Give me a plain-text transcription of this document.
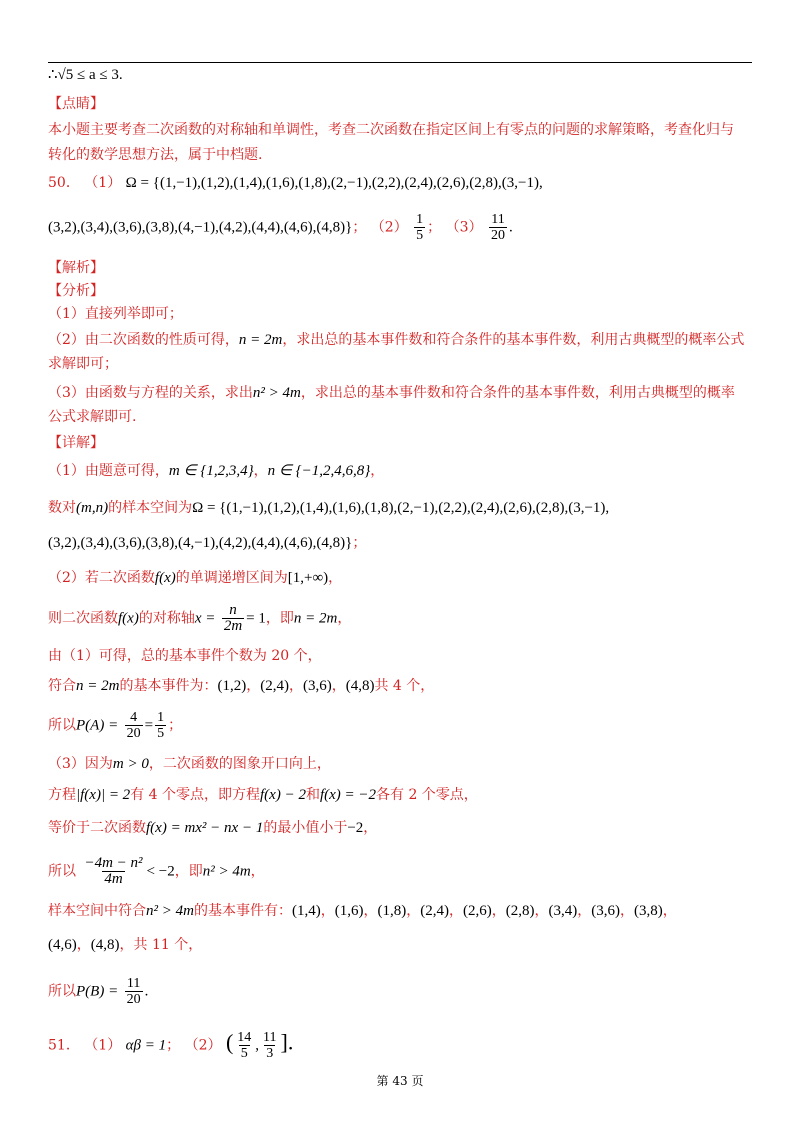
∴√5 ≤ a ≤ 3.
【点睛】
本小题主要考查二次函数的对称轴和单调性，考查二次函数在指定区间上有零点的问题的求解策略，考查化归与
转化的数学思想方法，属于中档题.
50． （1） Ω = {(1,−1),(1,2),(1,4),(1,6),(1,8),(2,−1),(2,2),(2,4),(2,6),(2,8),(3,−1),
(3,2),(3,4),(3,6),(3,8),(4,−1),(4,2),(4,4),(4,6),(4,8)}； $(2) \frac{1}{5}$ ； $(3) \frac{11}{20}$ .
【解析】
【分析】
（1）直接列举即可；
（2）由二次函数的性质可得，n = 2m，求出总的基本事件数和符合条件的基本事件数，利用古典概型的概率公式
求解即可；
（3）由函数与方程的关系，求出n² > 4m，求出总的基本事件数和符合条件的基本事件数，利用古典概型的概率
公式求解即可.
【详解】
（1）由题意可得，m ∈ {1,2,3,4}，n ∈ {−1,2,4,6,8}，
数对(m,n)的样本空间为Ω = {(1,−1),(1,2),(1,4),(1,6),(1,8),(2,−1),(2,2),(2,4),(2,6),(2,8),(3,−1),
(3,2),(3,4),(3,6),(3,8),(4,−1),(4,2),(4,4),(4,6),(4,8)}；
（2）若二次函数f(x)的单调递增区间为[1,+∞)，
则二次函数f(x)的对称轴$x = \frac{n}{2m} = 1$，即n = 2m，
由（1）可得，总的基本事件个数为 20 个，
符合n = 2m的基本事件为：(1,2)，(2,4)，(3,6)，(4,8)共 4 个，
所以$P(A) = \frac{4}{20} = \frac{1}{5}$ ；
（3）因为m > 0，二次函数的图象开口向上，
方程|f(x)| = 2有 4 个零点，即方程f(x) − 2和f(x) = −2各有 2 个零点，
等价于二次函数f(x) = mx² − nx − 1的最小值小于−2，
所以 $\frac{\text{−4m − n²}}{4m} < -2$，即n² > 4m，
样本空间中符合n² > 4m的基本事件有：(1,4)，(1,6)，(1,8)，(2,4)，(2,6)，(2,8)，(3,4)，(3,6)，(3,8)，
(4,6)，(4,8)，共 11 个，
所以$P(B) = \frac{11}{20}$ .
51． （1） αβ = 1； （2） ( $\frac{14}{5}$ , $\frac{11}{3}$ ].
第 43 页
